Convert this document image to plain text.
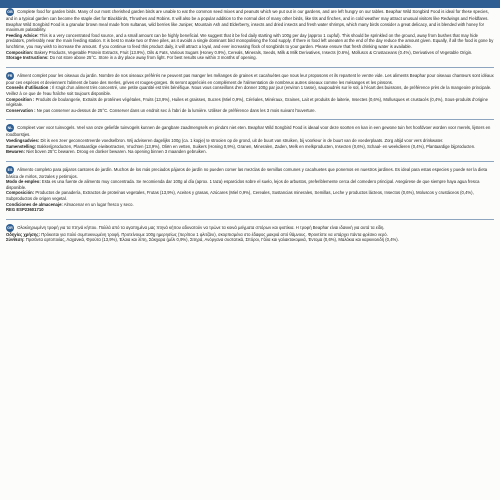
GB Complete food for garden birds. Many of our most cherished garden birds are unable to eat the common seed mixes and peanuts which we put out in our gardens, and are left hungry on our tables. Beaphar Wild Songbird Food is ideal for these species, and in a typical garden can become the staple diet for Blackbirds, Thrushes and Robins. It will also be a popular addition to the normal diet of many other birds, like tits and finches, and in cold weather may attract unusual visitors like Redwings and Fieldfares. Beaphar Wild Songbird Food is a granular brown meal made from sultanas, wild berries like Juniper, Mountain Ash and Elderberry, insects and dried insects and fresh water shrimps, which many birds consider a great delicacy, and is blended with honey for maximum palatability.

Feeding Advice: This is a very concentrated food source, and a small amount can be highly beneficial. We suggest that it be fed daily starting with 100g per day (approx 1 cupful). This should be sprinkled on the ground, away from bushes that may hide predators, preferably near the main feeding station. It is best to make two or three piles, as it avoids a single dominant bird monopolising the food supply. If there is food left uneaten at the end of the day reduce the amount given. Equally, if all the food is gone by lunchtime, you may wish to increase the amount. If you continue to feed this product daily, it will attract a loyal, and ever increasing flock of songbirds to your garden. Please ensure that fresh drinking water is available.

Composition: Bakery Products, Vegetable Protein Extracts, Fruit (13.9%), Oils & Fats, Various Sugars (Honey 0.9%), Cereals, Minerals, Seeds, Milk & Milk Derivatives, Insects (0.6%), Molluscs & Crustaceans (0.4%), Derivatives of Vegetable Origin.

Storage Instructions: Do not store above 25°C. Store in a dry place away from light. For best results use within 3 months of opening.

FR Aliment complet pour les oiseaux du jardin. Nombre de nos oiseaux préférés ne peuvent pas manger les mélanges de graines et cacahuètes que nous leur proposons et ils repartent le ventre vide. Les aliments Beaphar pour oiseaux chanteurs sont idéaux pour ces espèces et deviennent l'aliment de base des merles, grives et rouges-gorges. Ils seront appréciés en complément de l'alimentation de nombreux autres oiseaux comme les mésanges et les pinsons.

Conseils d'utilisation : Il s'agit d'un aliment très concentré, une petite quantité est très bénéfique. Nous vous conseillons d'en donner 100g par jour (environ 1 tasse), saupoudrés sur le sol, à l'écart des buissons, de préférence près de la mangeoire principale. Veillez à ce que de l'eau fraîche soit toujours disponible.

Composition : Produits de boulangerie, Extraits de protéines végétales, Fruits (13,9%), Huiles et graisses, Sucres (Miel 0,9%), Céréales, Minéraux, Graines, Lait et produits de laiterie, Insectes (0,6%), Mollusques et crustacés (0,4%), Sous-produits d'origine végétale.

Conservation : Ne pas conserver au-dessus de 25°C. Conserver dans un endroit sec à l'abri de la lumière. Utiliser de préférence dans les 3 mois suivant l'ouverture.

NL Compleet voer voor tuinvogels. Veel van onze geliefde tuinvogels kunnen de gangbare zaadmengsels en pinda's niet eten. Beaphar Wild Songbird Food is ideaal voor deze soorten en kan in een gewone tuin het hoofdvoer worden voor merels, lijsters en roodborstjes.

Voedingsadvies: Dit is een zeer geconcentreerde voedselbron. Wij adviseren dagelijks 100g (ca. 1 kopje) te strooien op de grond, uit de buurt van struiken, bij voorkeur in de buurt van de voederplaats. Zorg altijd voor vers drinkwater.

Samenstelling: Bakkerijproducten, Plantaardige eiwitextracten, Vruchten (13,9%), Oliën en vetten, Suikers (Honing 0,9%), Granen, Mineralen, Zaden, Melk en melkproducten, Insecten (0,6%), Schaal- en weekdieren (0,4%), Plantaardige bijproducten.

Bewaren: Niet boven 25°C bewaren. Droog en donker bewaren. Na opening binnen 3 maanden gebruiken.

ES Alimento completo para pájaros cantores de jardín. Muchos de los más preciados pájaros de jardín no pueden comer las mezclas de semillas comunes y cacahuetes que ponemos en nuestros jardines. Es ideal para estas especies y puede ser la dieta básica de mirlos, zorzales y petirrojos.

Modo de empleo: Esta es una fuente de alimento muy concentrada. Se recomienda dar 100g al día (aprox. 1 taza) esparcidos sobre el suelo, lejos de arbustos, preferiblemente cerca del comedero principal. Asegúrese de que siempre haya agua fresca disponible.

Composición: Productos de panadería, Extractos de proteínas vegetales, Frutas (13,9%), Aceites y grasas, Azúcares (Miel 0,9%), Cereales, Sustancias minerales, Semillas, Leche y productos lácteos, Insectos (0,6%), Moluscos y crustáceos (0,4%), Subproductos de origen vegetal.

Condiciones de almacenaje: Almacenar en un lugar fresco y seco.

REG ESP23601710

GR Ολοκληρωμένη τροφή για τα πτηνά κήπου. Πολλά από τα αγαπημένα μας πτηνά κήπου αδυνατούν να τρώνε τα κοινά μείγματα σπόρων και φιστίκια. Η τροφή Beaphar είναι ιδανική για αυτά τα είδη.

Οδηγίες χρήσης: Πρόκειται για πολύ συμπυκνωμένη τροφή. Προτείνουμε 100g ημερησίως (περίπου 1 φλιτζάνι), σκορπισμένα στο έδαφος μακριά από θάμνους. Φροντίστε να υπάρχει πάντα φρέσκο νερό.

Σύνθεση: Προϊόντα αρτοποιίας, Λαχανικά, Φρούτα (13,9%), Έλαια και λίπη, Σάκχαρα (μέλι 0,9%), Σιτηρά, Ανόργανα συστατικά, Σπόροι, Γάλα και γαλακτοκομικά, Έντομα (0,6%), Μαλάκια και καρκινοειδή (0,4%).
